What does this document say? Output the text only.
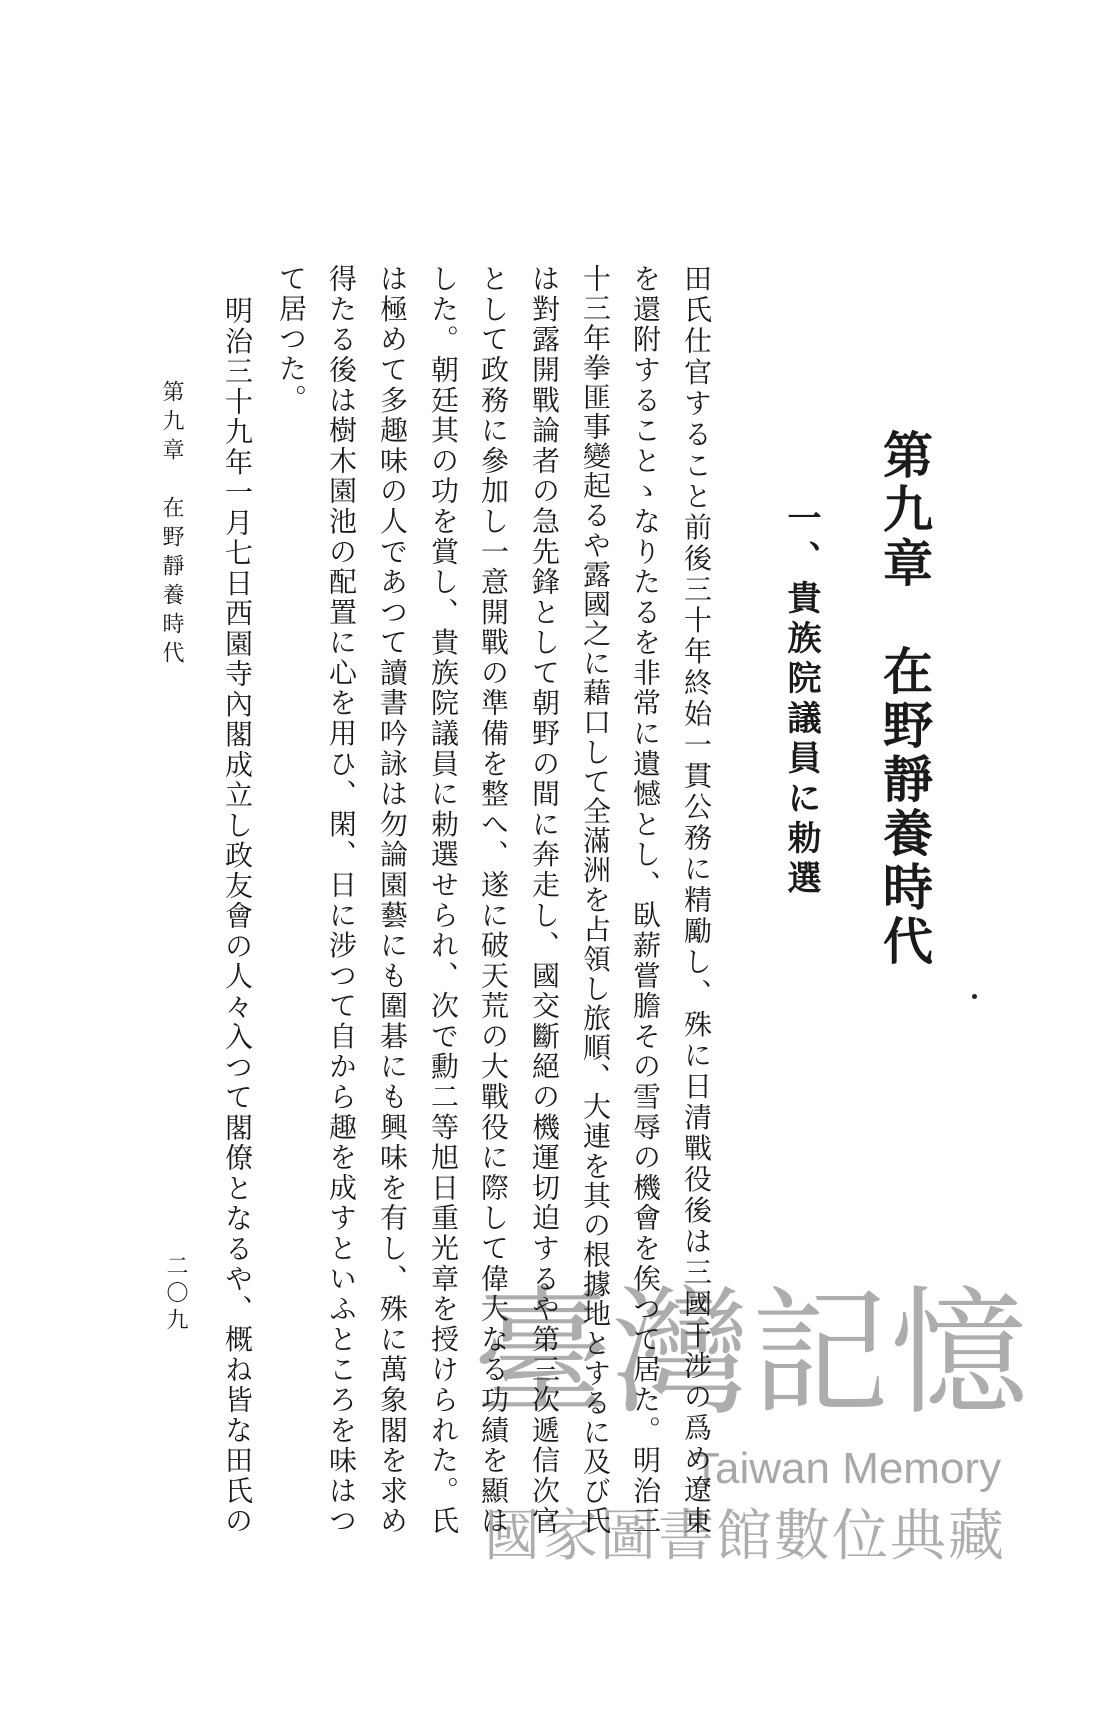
臺灣記憶
Taiwan Memory
國家圖書館數位典藏
第九章　在野靜養時代
一、貴族院議員に勅選
田氏仕官すること前後三十年終始一貫公務に精勵し、殊に日清戰役後は三國干涉の爲め遼東
を還附することゝなりたるを非常に遺憾とし、臥薪嘗膽その雪辱の機會を俟つて居た。明治三
十三年拳匪事變起るや露國之に藉口して全滿洲を占領し旅順、大連を其の根據地とするに及び氏
は對露開戰論者の急先鋒として朝野の間に奔走し、國交斷絕の機運切迫するや第三次遞信次官
として政務に參加し一意開戰の準備を整へ、遂に破天荒の大戰役に際して偉大なる功績を顯は
した。朝廷其の功を賞し、貴族院議員に勅選せられ、次で勳二等旭日重光章を授けられた。氏
は極めて多趣味の人であつて讀書吟詠は勿論園藝にも圍碁にも興味を有し、殊に萬象閣を求め
得たる後は樹木園池の配置に心を用ひ、閑、日に涉つて自から趣を成すといふところを味はつ
て居つた。
明治三十九年一月七日西園寺內閣成立し政友會の人々入つて閣僚となるや、概ね皆な田氏の
第九章　在野靜養時代
二〇九
